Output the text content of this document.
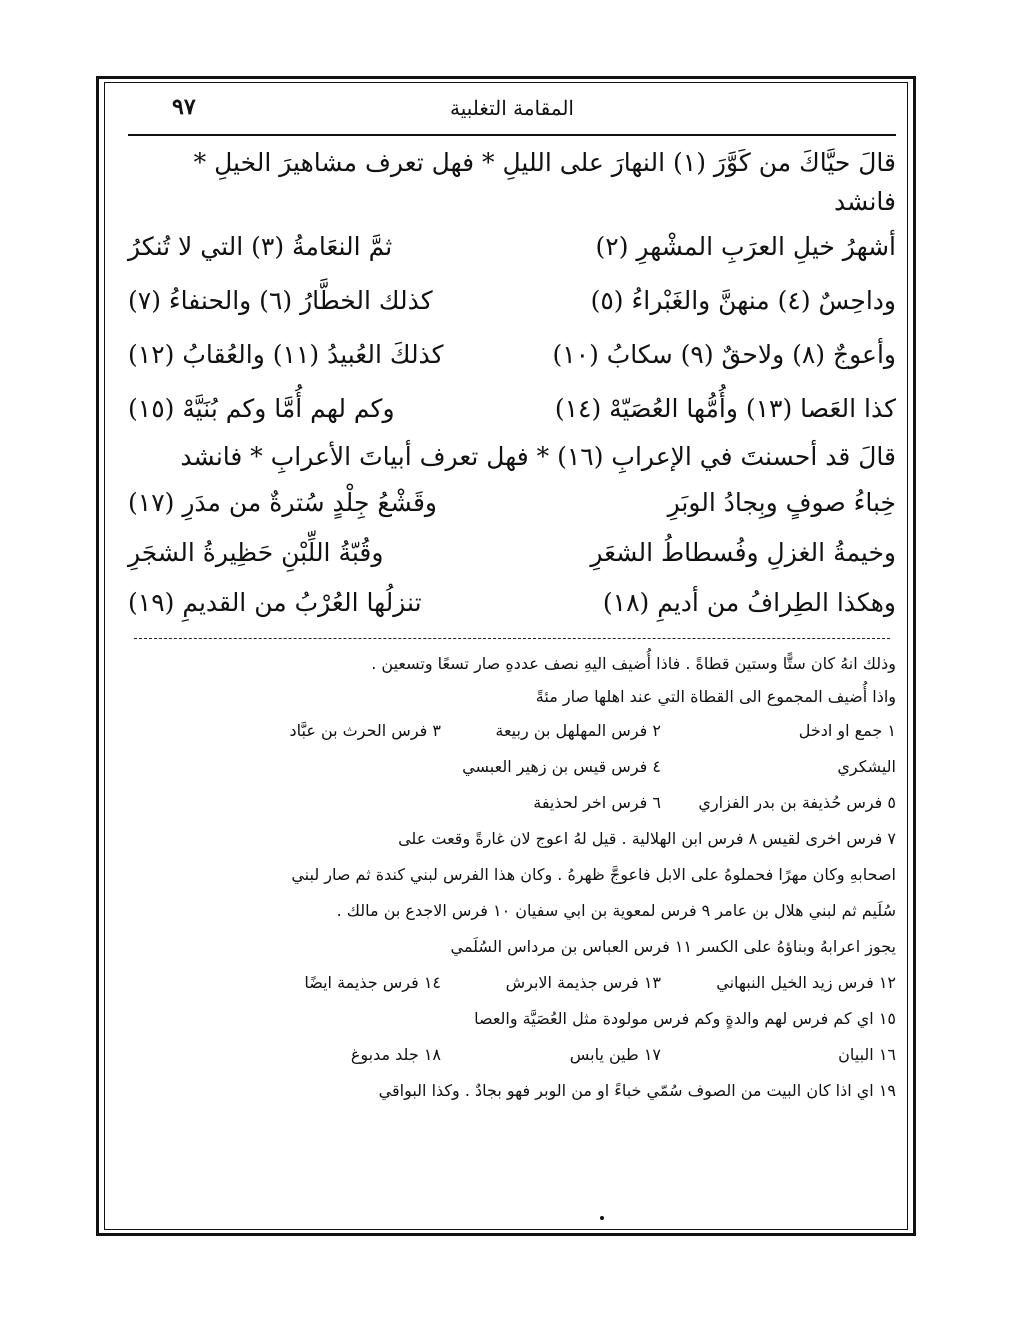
المقامة التغلبية
٩٧
قالَ حيَّاكَ من كَوَّرَ (١) النهارَ على الليلِ * فهل تعرف مشاهيرَ الخيلِ *
فانشد
أشهرُ خيلِ العرَبِ المشْهرِ (٢)
ثمَّ النعَامةُ (٣) التي لا تُنكرُ
وداحِسٌ (٤) منهنَّ والغَبْراءُ (٥)
كذلك الخطَّارُ (٦) والحنفاءُ (٧)
وأعوجٌ (٨) ولاحقٌ (٩) سكابُ (١٠)
كذلكَ العُبيدُ (١١) والعُقابُ (١٢)
كذا العَصا (١٣) وأُمُّها العُصَيّهْ (١٤)
وكم لهم أُمَّا وكم بُنَيَّهْ (١٥)
قالَ قد أحسنتَ في الإعرابِ (١٦) * فهل تعرف أبياتَ الأعرابِ * فانشد
خِباءُ صوفٍ وبِجادُ الوبَرِ
وقَشْعُ جِلْدٍ سُترةٌ من مدَرِ (١٧)
وخيمةُ الغزلِ وفُسطاطُ الشعَرِ
وقُبّةُ اللِّبْنِ حَظِيرةُ الشجَرِ
وهكذا الطِرافُ من أديمِ (١٨)
تنزلُها العُرْبُ من القديمِ (١٩)
وذلك انهُ كان ستًّا وستين قطاةً . فاذا أُضيف اليهِ نصف عددهِ صار تسعًا وتسعين .
واذا أُضيف المجموع الى القطاة التي عند اهلها صار مئةً
١ جمع او ادخل
٢ فرس المهلهل بن ربيعة
٣ فرس الحرث بن عبَّاد
اليشكري
٤ فرس قيس بن زهير العبسي
٥ فرس حُذيفة بن بدر الفزاري
٦ فرس اخر لحذيفة
٧ فرس اخرى لقيس ٨ فرس ابن الهلالية . قيل لهُ اعوج لان غارةً وقعت على
اصحابهِ وكان مهرًا فحملوهُ على الابل فاعوجَّ ظهرهُ . وكان هذا الفرس لبني كندة ثم صار لبني
سُلَيم ثم لبني هلال بن عامر ٩ فرس لمعوية بن ابي سفيان ١٠ فرس الاجدع بن مالك .
يجوز اعرابهُ وبناؤهُ على الكسر ١١ فرس العباس بن مرداس السُلَمي
١٢ فرس زيد الخيل النبهاني
١٣ فرس جذيمة الابرش
١٤ فرس جذيمة ايضًا
١٥ اي كم فرس لهم والدةٍ وكم فرس مولودة مثل العُصَيَّة والعصا
١٦ البيان
١٧ طين يابس
١٨ جلد مدبوغ
١٩ اي اذا كان البيت من الصوف سُمّي خباءً او من الوبر فهو بجادٌ . وكذا البواقي
